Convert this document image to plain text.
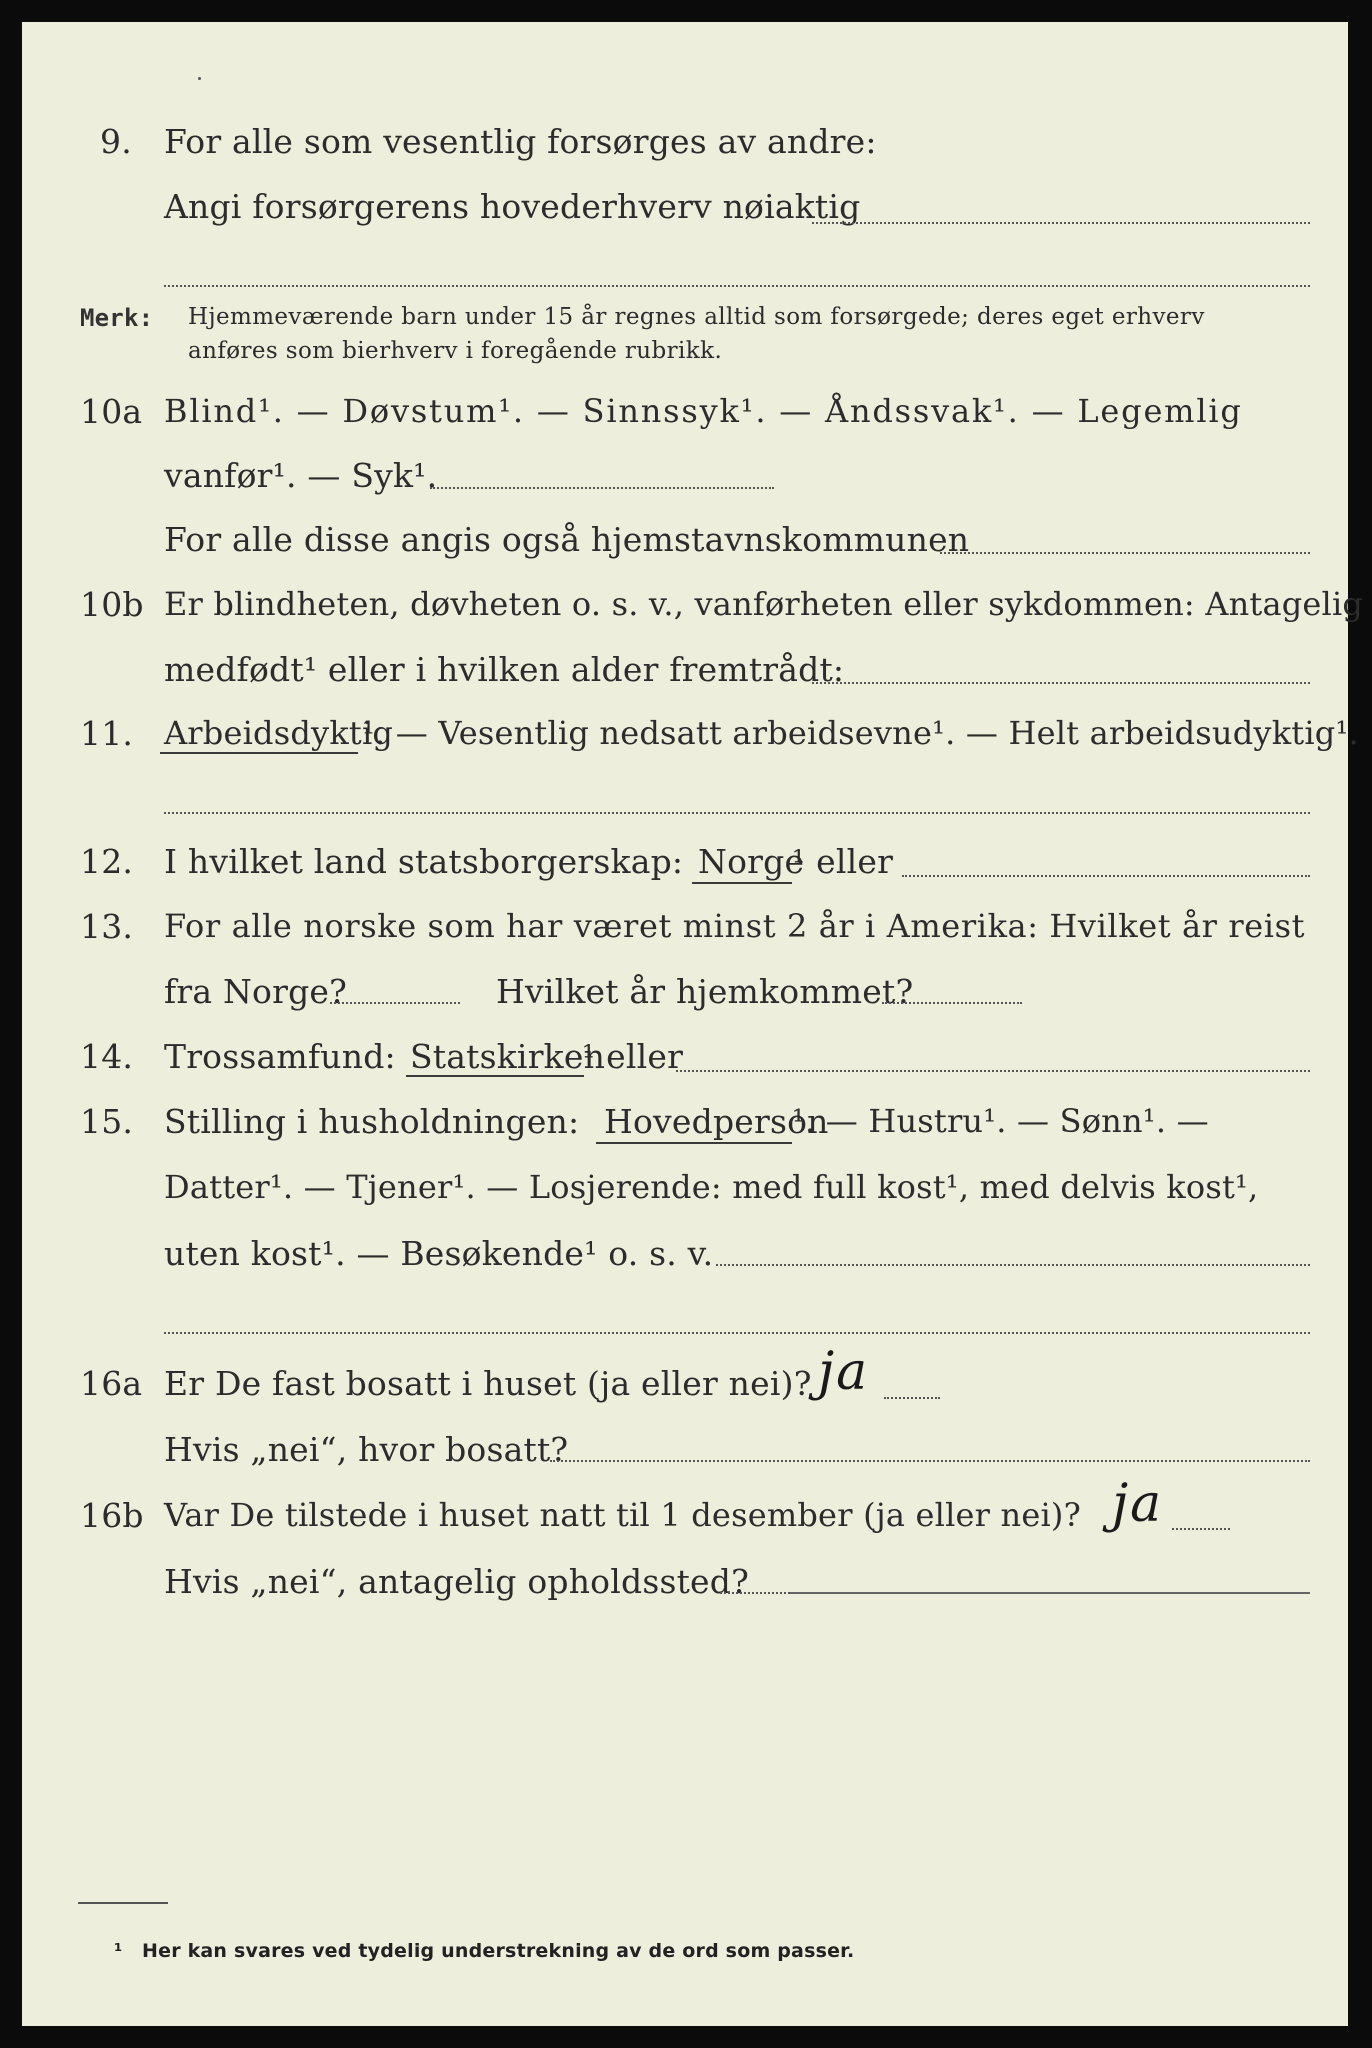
9. For alle som vesentlig forsørges av andre:
Angi forsørgerens hovederhverv nøiaktig
Merk: Hjemmeværende barn under 15 år regnes alltid som forsørgede; deres eget erhverv
anføres som bierhverv i foregående rubrikk.
10a Blind¹. — Døvstum¹. — Sinnssyk¹. — Åndssvak¹. — Legemlig
vanfør¹. — Syk¹.
For alle disse angis også hjemstavnskommunen
10b Er blindheten, døvheten o. s. v., vanførheten eller sykdommen: Antagelig
medfødt¹ eller i hvilken alder fremtrådt:
11. Arbeidsdyktig
¹. — Vesentlig nedsatt arbeidsevne¹. — Helt arbeidsudyktig¹.
12. I hvilket land statsborgerskap: Norge
¹ eller
13. For alle norske som har været minst 2 år i Amerika: Hvilket år reist
fra Norge?	Hvilket år hjemkommet?
14. Trossamfund: Statskirken
¹ eller
15. Stilling i husholdningen: Hovedperson
¹. — Hustru¹. — Sønn¹. —
Datter¹. — Tjener¹. — Losjerende: med full kost¹, med delvis kost¹,
uten kost¹. — Besøkende¹ o. s. v.
16a Er De fast bosatt i huset (ja eller nei)? ja
Hvis „nei“, hvor bosatt?
16b Var De tilstede i huset natt til 1 desember (ja eller nei)? ja
Hvis „nei“, antagelig opholdssted?
¹ Her kan svares ved tydelig understrekning av de ord som passer.
